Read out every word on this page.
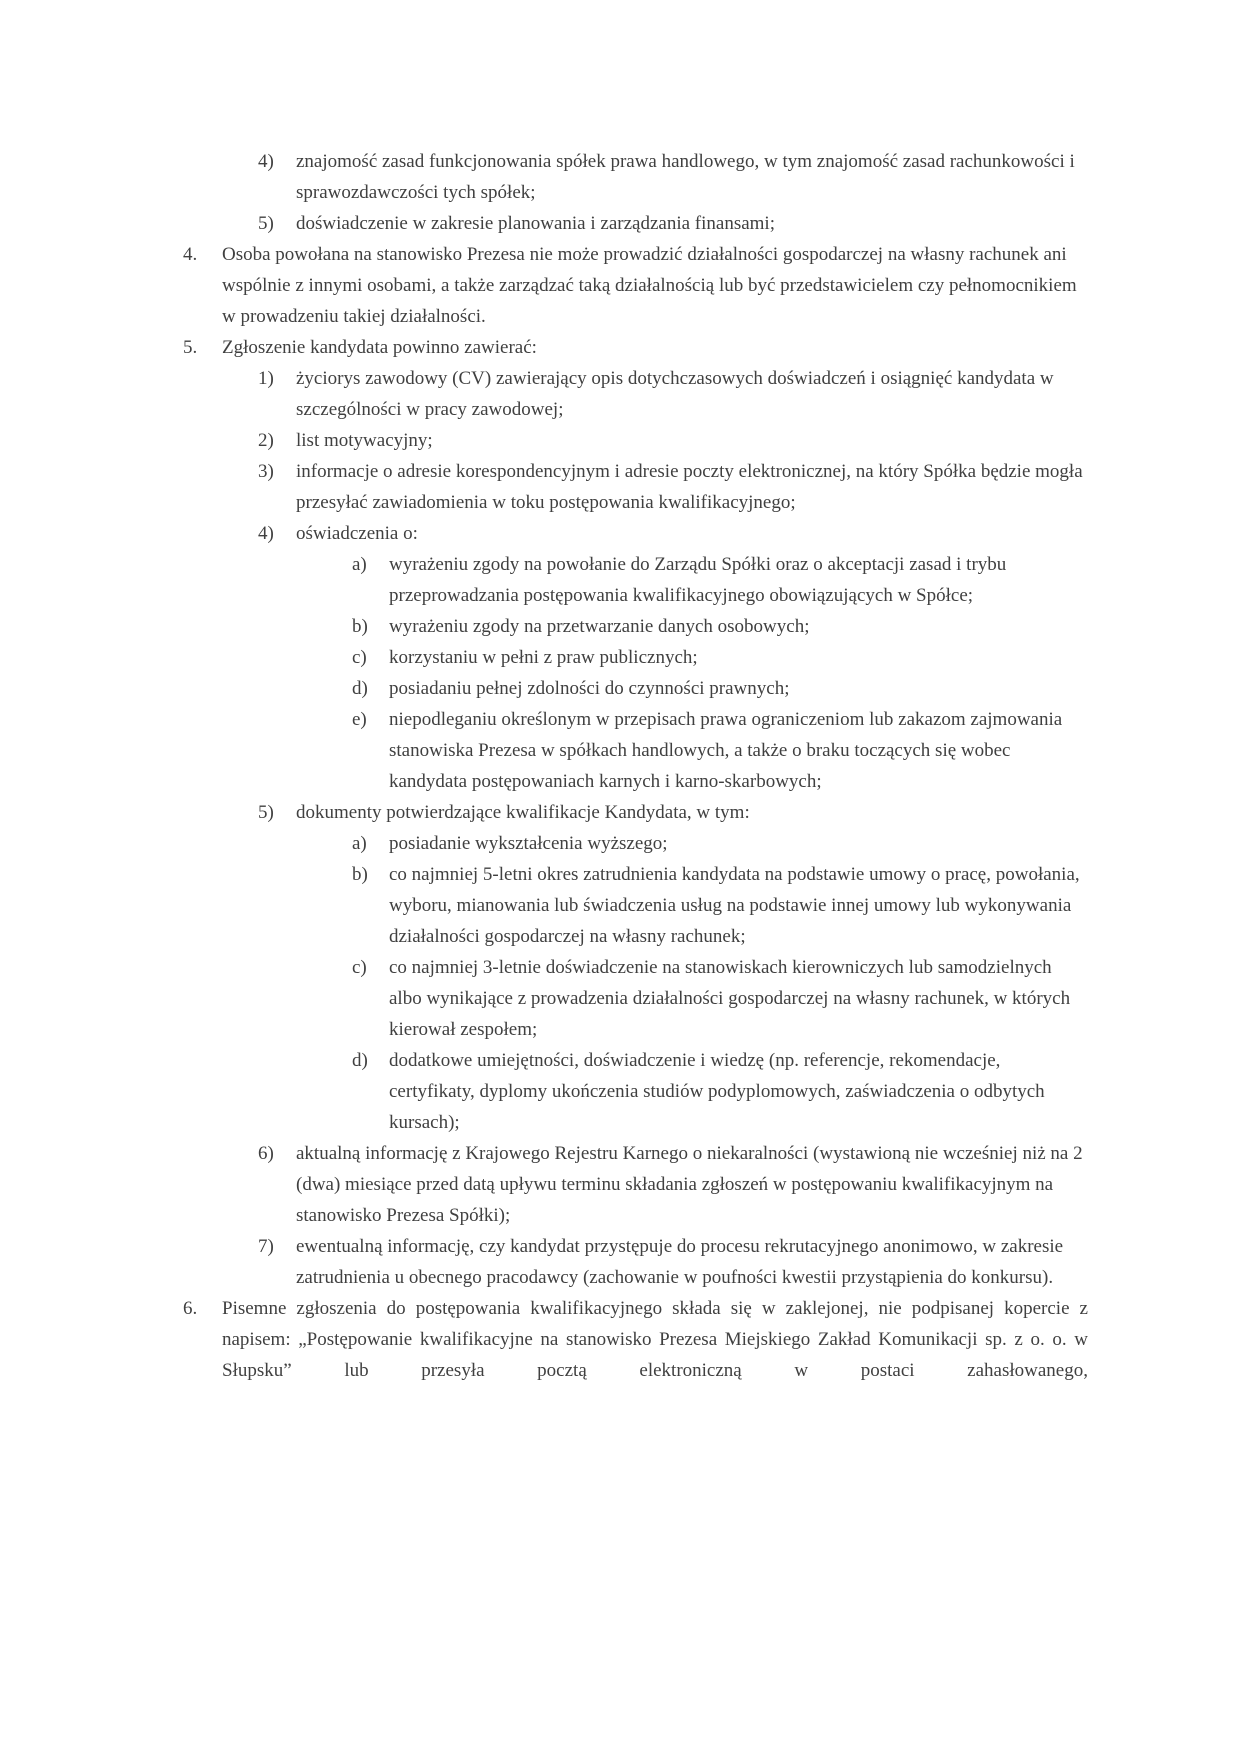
4) znajomość zasad funkcjonowania spółek prawa handlowego, w tym znajomość zasad rachunkowości i sprawozdawczości tych spółek;
5) doświadczenie w zakresie planowania i zarządzania finansami;
4. Osoba powołana na stanowisko Prezesa nie może prowadzić działalności gospodarczej na własny rachunek ani wspólnie z innymi osobami, a także zarządzać taką działalnością lub być przedstawicielem czy pełnomocnikiem w prowadzeniu takiej działalności.
5. Zgłoszenie kandydata powinno zawierać:
1) życiorys zawodowy (CV) zawierający opis dotychczasowych doświadczeń i osiągnięć kandydata w szczególności w pracy zawodowej;
2) list motywacyjny;
3) informacje o adresie korespondencyjnym i adresie poczty elektronicznej, na który Spółka będzie mogła przesyłać zawiadomienia w toku postępowania kwalifikacyjnego;
4) oświadczenia o:
a) wyrażeniu zgody na powołanie do Zarządu Spółki oraz o akceptacji zasad i trybu przeprowadzania postępowania kwalifikacyjnego obowiązujących w Spółce;
b) wyrażeniu zgody na przetwarzanie danych osobowych;
c) korzystaniu w pełni z praw publicznych;
d) posiadaniu pełnej zdolności do czynności prawnych;
e) niepodleganiu określonym w przepisach prawa ograniczeniom lub zakazom zajmowania stanowiska Prezesa w spółkach handlowych, a także o braku toczących się wobec kandydata postępowaniach karnych i karno-skarbowych;
5) dokumenty potwierdzające kwalifikacje Kandydata, w tym:
a) posiadanie wykształcenia wyższego;
b) co najmniej 5-letni okres zatrudnienia kandydata na podstawie umowy o pracę, powołania, wyboru, mianowania lub świadczenia usług na podstawie innej umowy lub wykonywania działalności gospodarczej na własny rachunek;
c) co najmniej 3-letnie doświadczenie na stanowiskach kierowniczych lub samodzielnych albo wynikające z prowadzenia działalności gospodarczej na własny rachunek, w których kierował zespołem;
d) dodatkowe umiejętności, doświadczenie i wiedzę (np. referencje, rekomendacje, certyfikaty, dyplomy ukończenia studiów podyplomowych, zaświadczenia o odbytych kursach);
6) aktualną informację z Krajowego Rejestru Karnego o niekaralności (wystawioną nie wcześniej niż na 2 (dwa) miesiące przed datą upływu terminu składania zgłoszeń w postępowaniu kwalifikacyjnym na stanowisko Prezesa Spółki);
7) ewentualną informację, czy kandydat przystępuje do procesu rekrutacyjnego anonimowo, w zakresie zatrudnienia u obecnego pracodawcy (zachowanie w poufności kwestii przystąpienia do konkursu).
6. Pisemne zgłoszenia do postępowania kwalifikacyjnego składa się w zaklejonej, nie podpisanej kopercie z napisem: „Postępowanie kwalifikacyjne na stanowisko Prezesa Miejskiego Zakład Komunikacji sp. z o. o. w Słupsku” lub przesyła pocztą elektroniczną w postaci zahasłowanego,
